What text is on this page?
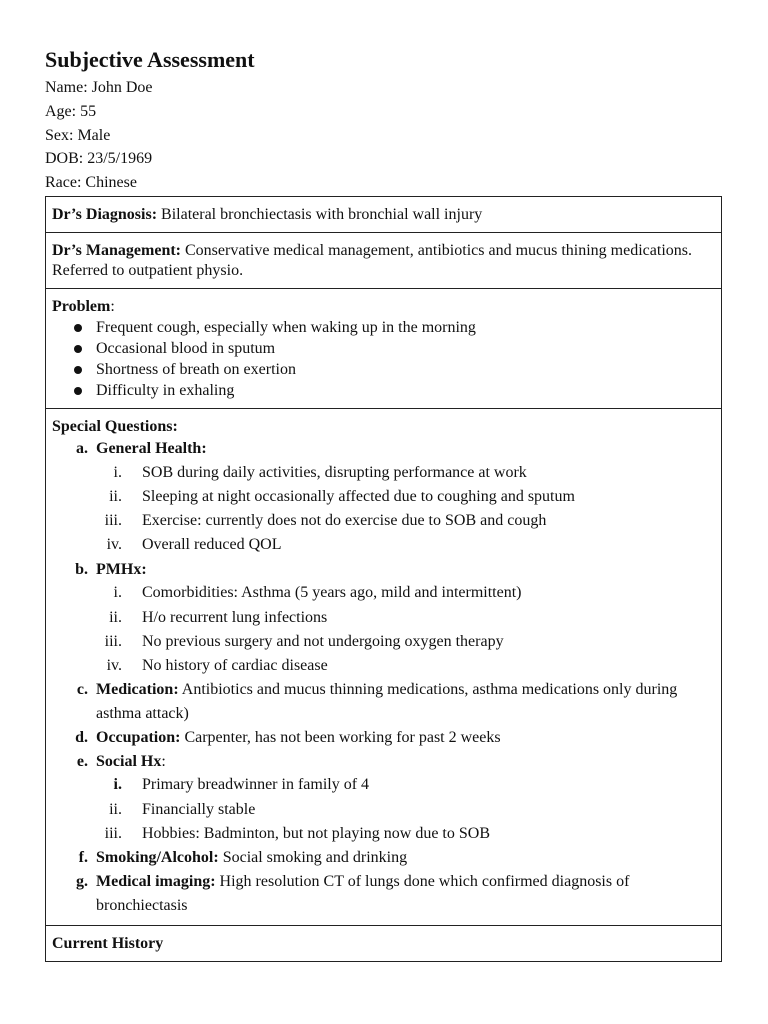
Subjective Assessment
Name: John Doe
Age: 55
Sex: Male
DOB: 23/5/1969
Race: Chinese
Dr’s Diagnosis: Bilateral bronchiectasis with bronchial wall injury
Dr’s Management: Conservative medical management, antibiotics and mucus thining medications. Referred to outpatient physio.
Problem:
Frequent cough, especially when waking up in the morning
Occasional blood in sputum
Shortness of breath on exertion
Difficulty in exhaling
Special Questions:
a. General Health:
i. SOB during daily activities, disrupting performance at work
ii. Sleeping at night occasionally affected due to coughing and sputum
iii. Exercise: currently does not do exercise due to SOB and cough
iv. Overall reduced QOL
b. PMHx:
i. Comorbidities: Asthma (5 years ago, mild and intermittent)
ii. H/o recurrent lung infections
iii. No previous surgery and not undergoing oxygen therapy
iv. No history of cardiac disease
c. Medication: Antibiotics and mucus thinning medications, asthma medications only during asthma attack)
d. Occupation: Carpenter, has not been working for past 2 weeks
e. Social Hx:
i. Primary breadwinner in family of 4
ii. Financially stable
iii. Hobbies: Badminton, but not playing now due to SOB
f. Smoking/Alcohol: Social smoking and drinking
g. Medical imaging: High resolution CT of lungs done which confirmed diagnosis of bronchiectasis
Current History
